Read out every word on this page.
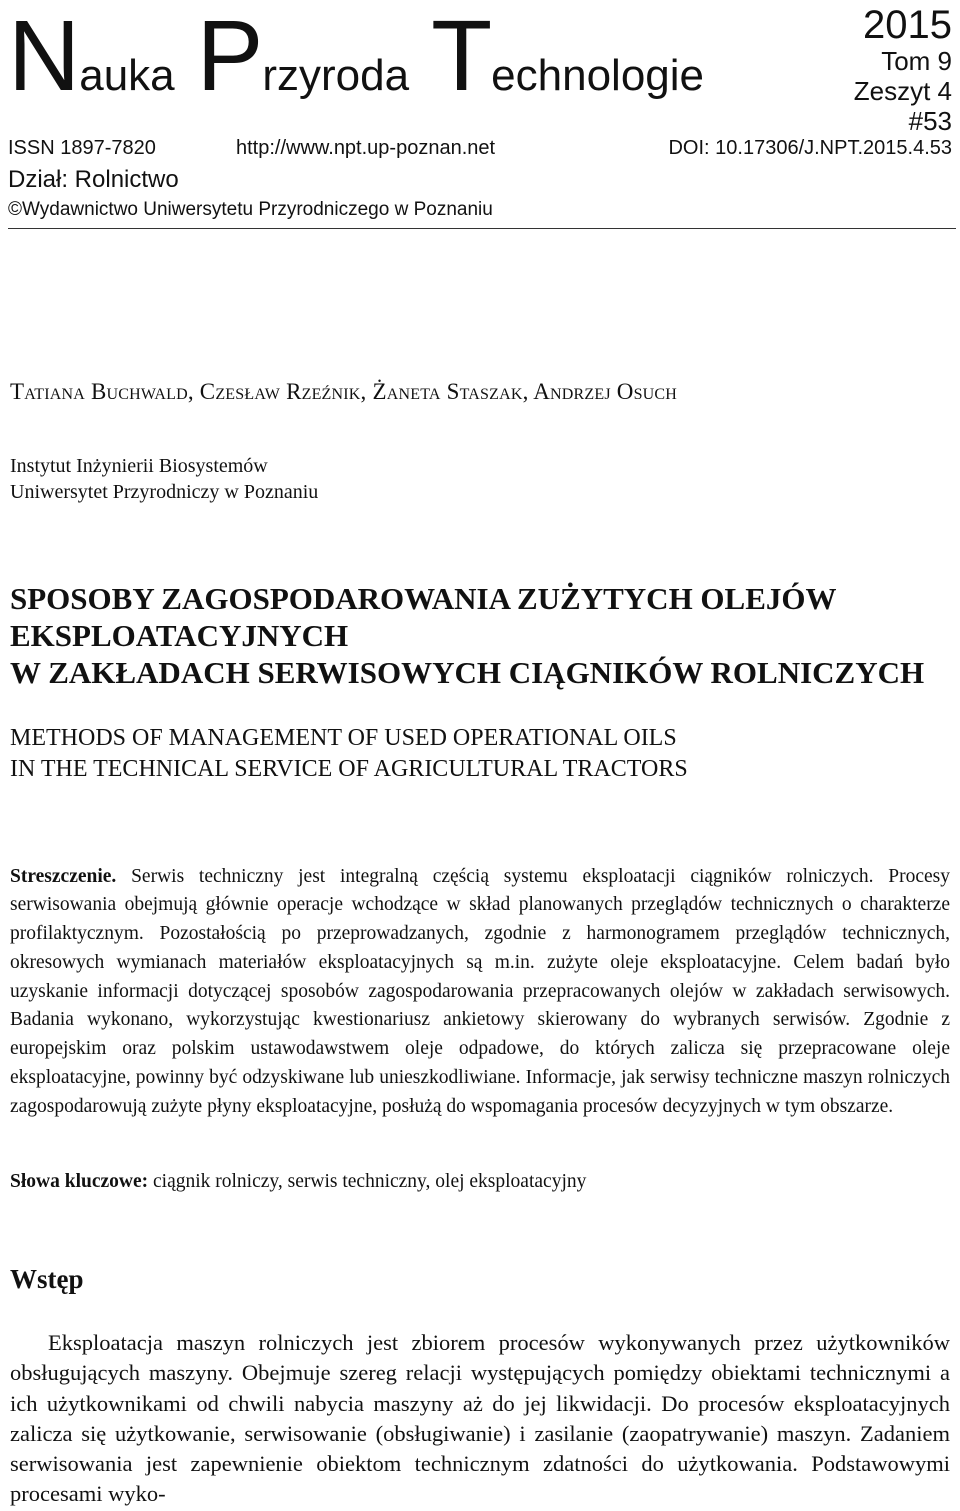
Nauka Przyroda Technologie
2015
Tom 9
Zeszyt 4
#53
ISSN 1897-7820	http://www.npt.up-poznan.net	DOI: 10.17306/J.NPT.2015.4.53
Dział: Rolnictwo
©Wydawnictwo Uniwersytetu Przyrodniczego w Poznaniu
Tatiana Buchwald, Czesław Rzeźnik, Żaneta Staszak, Andrzej Osuch
Instytut Inżynierii Biosystemów
Uniwersytet Przyrodniczy w Poznaniu
SPOSOBY ZAGOSPODAROWANIA ZUŻYTYCH OLEJÓW
EKSPLOATACYJNYCH
W ZAKŁADACH SERWISOWYCH CIĄGNIKÓW ROLNICZYCH
METHODS OF MANAGEMENT OF USED OPERATIONAL OILS
IN THE TECHNICAL SERVICE OF AGRICULTURAL TRACTORS

Streszczenie. Serwis techniczny jest integralną częścią systemu eksploatacji ciągników rolniczych. Procesy serwisowania obejmują głównie operacje wchodzące w skład planowanych przeglądów technicznych o charakterze profilaktycznym. Pozostałością po przeprowadzanych, zgodnie z harmonogramem przeglądów technicznych, okresowych wymianach materiałów eksploatacyjnych są m.in. zużyte oleje eksploatacyjne. Celem badań było uzyskanie informacji dotyczącej sposobów zagospodarowania przepracowanych olejów w zakładach serwisowych. Badania wykonano, wykorzystując kwestionariusz ankietowy skierowany do wybranych serwisów. Zgodnie z europejskim oraz polskim ustawodawstwem oleje odpadowe, do których zalicza się przepracowane oleje eksploatacyjne, powinny być odzyskiwane lub unieszkodliwiane. Informacje, jak serwisy techniczne maszyn rolniczych zagospodarowują zużyte płyny eksploatacyjne, posłużą do wspomagania procesów decyzyjnych w tym obszarze.

Słowa kluczowe: ciągnik rolniczy, serwis techniczny, olej eksploatacyjny

Wstęp

Eksploatacja maszyn rolniczych jest zbiorem procesów wykonywanych przez użytkowników obsługujących maszyny. Obejmuje szereg relacji występujących pomiędzy obiektami technicznymi a ich użytkownikami od chwili nabycia maszyny aż do jej likwidacji. Do procesów eksploatacyjnych zalicza się użytkowanie, serwisowanie (obsługiwanie) i zasilanie (zaopatrywanie) maszyn. Zadaniem serwisowania jest zapewnienie obiektom technicznym zdatności do użytkowania. Podstawowymi procesami wyko-
